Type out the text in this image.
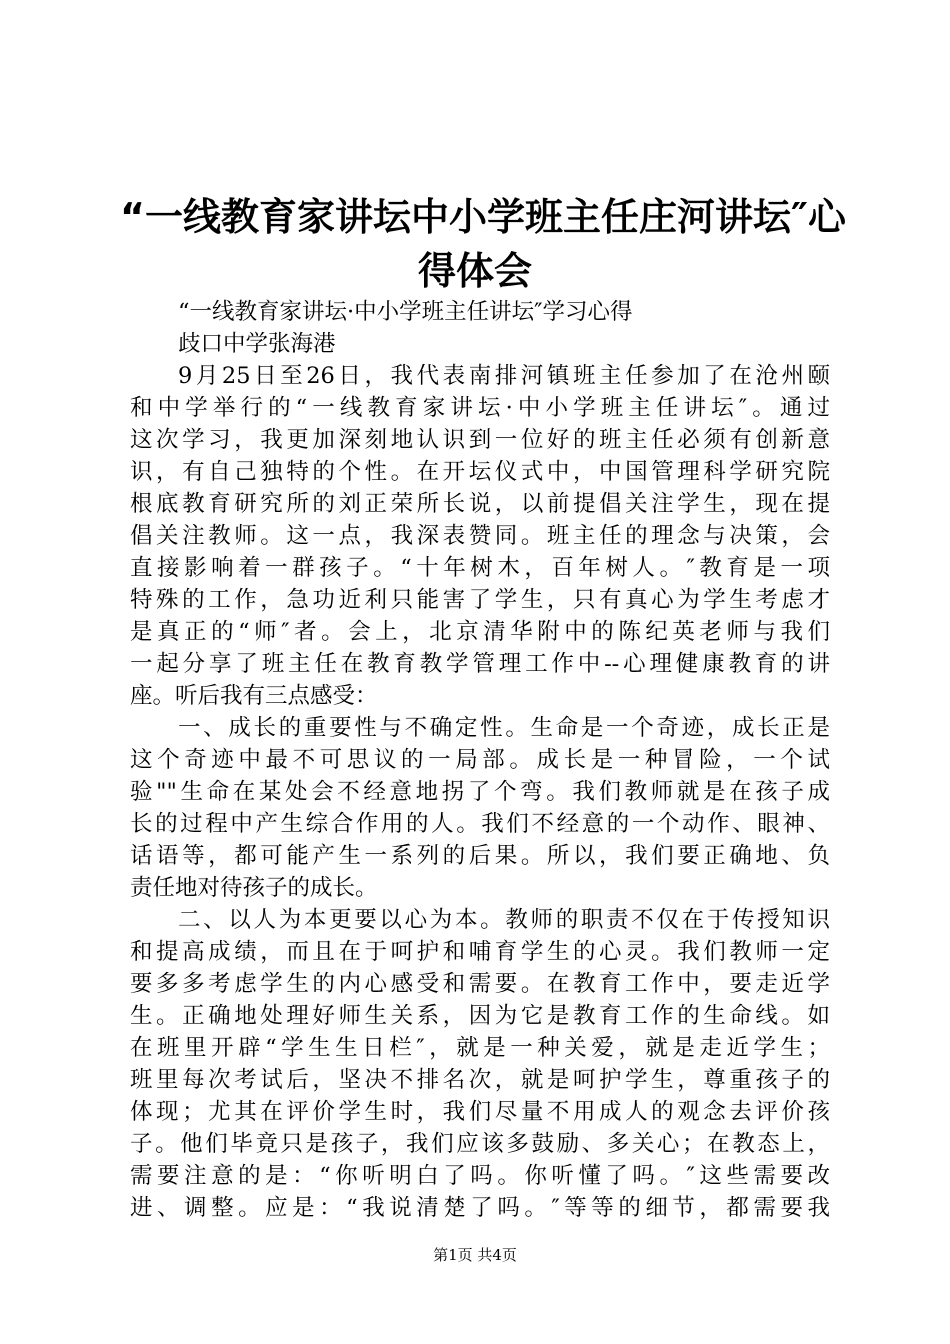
“一线教育家讲坛中小学班主任庄河讲坛″心
得体会
“一线教育家讲坛·中小学班主任讲坛″学习心得
歧口中学张海港
9月25日至26日，我代表南排河镇班主任参加了在沧州颐
和中学举行的“一线教育家讲坛·中小学班主任讲坛″。通过
这次学习，我更加深刻地认识到一位好的班主任必须有创新意
识，有自己独特的个性。在开坛仪式中，中国管理科学研究院
根底教育研究所的刘正荣所长说，以前提倡关注学生，现在提
倡关注教师。这一点，我深表赞同。班主任的理念与决策，会
直接影响着一群孩子。“十年树木，百年树人。″教育是一项
特殊的工作，急功近利只能害了学生，只有真心为学生考虑才
是真正的“师″者。会上，北京清华附中的陈纪英老师与我们
一起分享了班主任在教育教学管理工作中--心理健康教育的讲
座。听后我有三点感受：
一、成长的重要性与不确定性。生命是一个奇迹，成长正是
这个奇迹中最不可思议的一局部。成长是一种冒险，一个试
验""生命在某处会不经意地拐了个弯。我们教师就是在孩子成
长的过程中产生综合作用的人。我们不经意的一个动作、眼神、
话语等，都可能产生一系列的后果。所以，我们要正确地、负
责任地对待孩子的成长。
二、以人为本更要以心为本。教师的职责不仅在于传授知识
和提高成绩，而且在于呵护和哺育学生的心灵。我们教师一定
要多多考虑学生的内心感受和需要。在教育工作中，要走近学
生。正确地处理好师生关系，因为它是教育工作的生命线。如
在班里开辟“学生生日栏″，就是一种关爱，就是走近学生；
班里每次考试后，坚决不排名次，就是呵护学生，尊重孩子的
体现；尤其在评价学生时，我们尽量不用成人的观念去评价孩
子。他们毕竟只是孩子，我们应该多鼓励、多关心；在教态上，
需要注意的是：“你听明白了吗。你听懂了吗。″这些需要改
进、调整。应是：“我说清楚了吗。″等等的细节，都需要我
第1页 共4页
